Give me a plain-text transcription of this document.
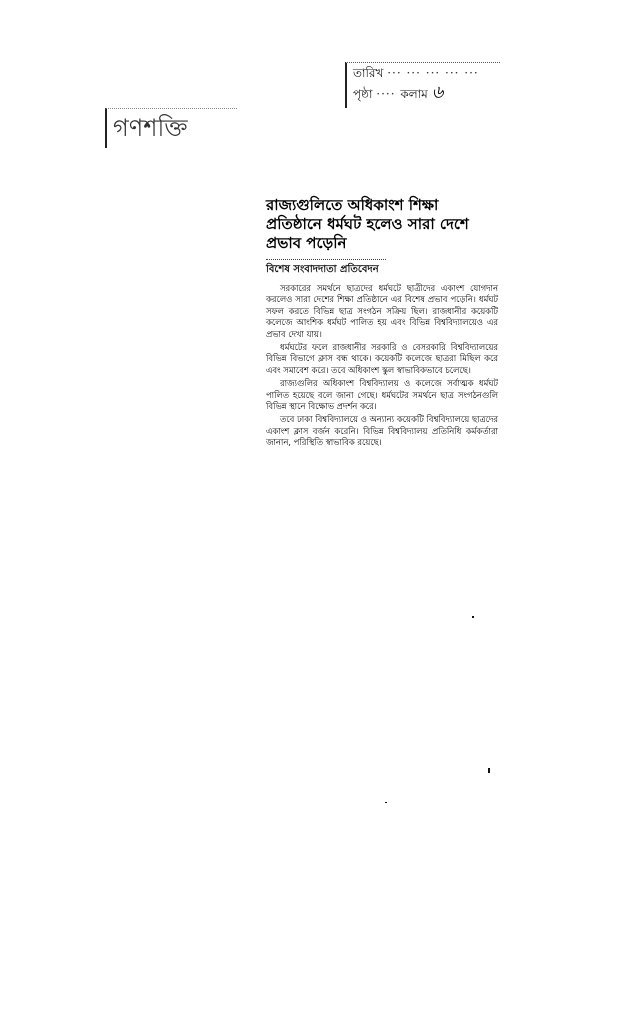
তারিখ ··· ··· ··· ··· ···
পৃষ্ঠা ···· কলাম ৬
গণশক্তি
রাজ্যগুলিতে অধিকাংশ শিক্ষা প্রতিষ্ঠানে ধর্মঘট হলেও সারা দেশে প্রভাব পড়েনি
বিশেষ সংবাদদাতা প্রতিবেদন

সরকারের সমর্থনে ছাত্রদের ধর্মঘটে ছাত্রীদের একাংশ যোগদান করলেও সারা দেশের শিক্ষা প্রতিষ্ঠানে এর বিশেষ প্রভাব পড়েনি। ধর্মঘট সফল করতে বিভিন্ন ছাত্র সংগঠন সক্রিয় ছিল। রাজধানীর কয়েকটি কলেজে আংশিক ধর্মঘট পালিত হয় এবং বিভিন্ন বিশ্ববিদ্যালয়েও এর প্রভাব দেখা যায়।

ধর্মঘটের ফলে রাজধানীর সরকারি ও বেসরকারি বিশ্ববিদ্যালয়ের বিভিন্ন বিভাগে ক্লাস বন্ধ থাকে। কয়েকটি কলেজে ছাত্ররা মিছিল করে এবং সমাবেশ করে। তবে অধিকাংশ স্কুল স্বাভাবিকভাবে চলেছে।

রাজ্যগুলির অধিকাংশ বিশ্ববিদ্যালয় ও কলেজে সর্বাত্মক ধর্মঘট পালিত হয়েছে বলে জানা গেছে। ধর্মঘটের সমর্থনে ছাত্র সংগঠনগুলি বিভিন্ন স্থানে বিক্ষোভ প্রদর্শন করে।

তবে ঢাকা বিশ্ববিদ্যালয়ে ও অন্যান্য কয়েকটি বিশ্ববিদ্যালয়ে ছাত্রদের একাংশ ক্লাস বর্জন করেনি। বিভিন্ন বিশ্ববিদ্যালয় প্রতিনিধি কর্মকর্তারা জানান, পরিস্থিতি স্বাভাবিক রয়েছে।
